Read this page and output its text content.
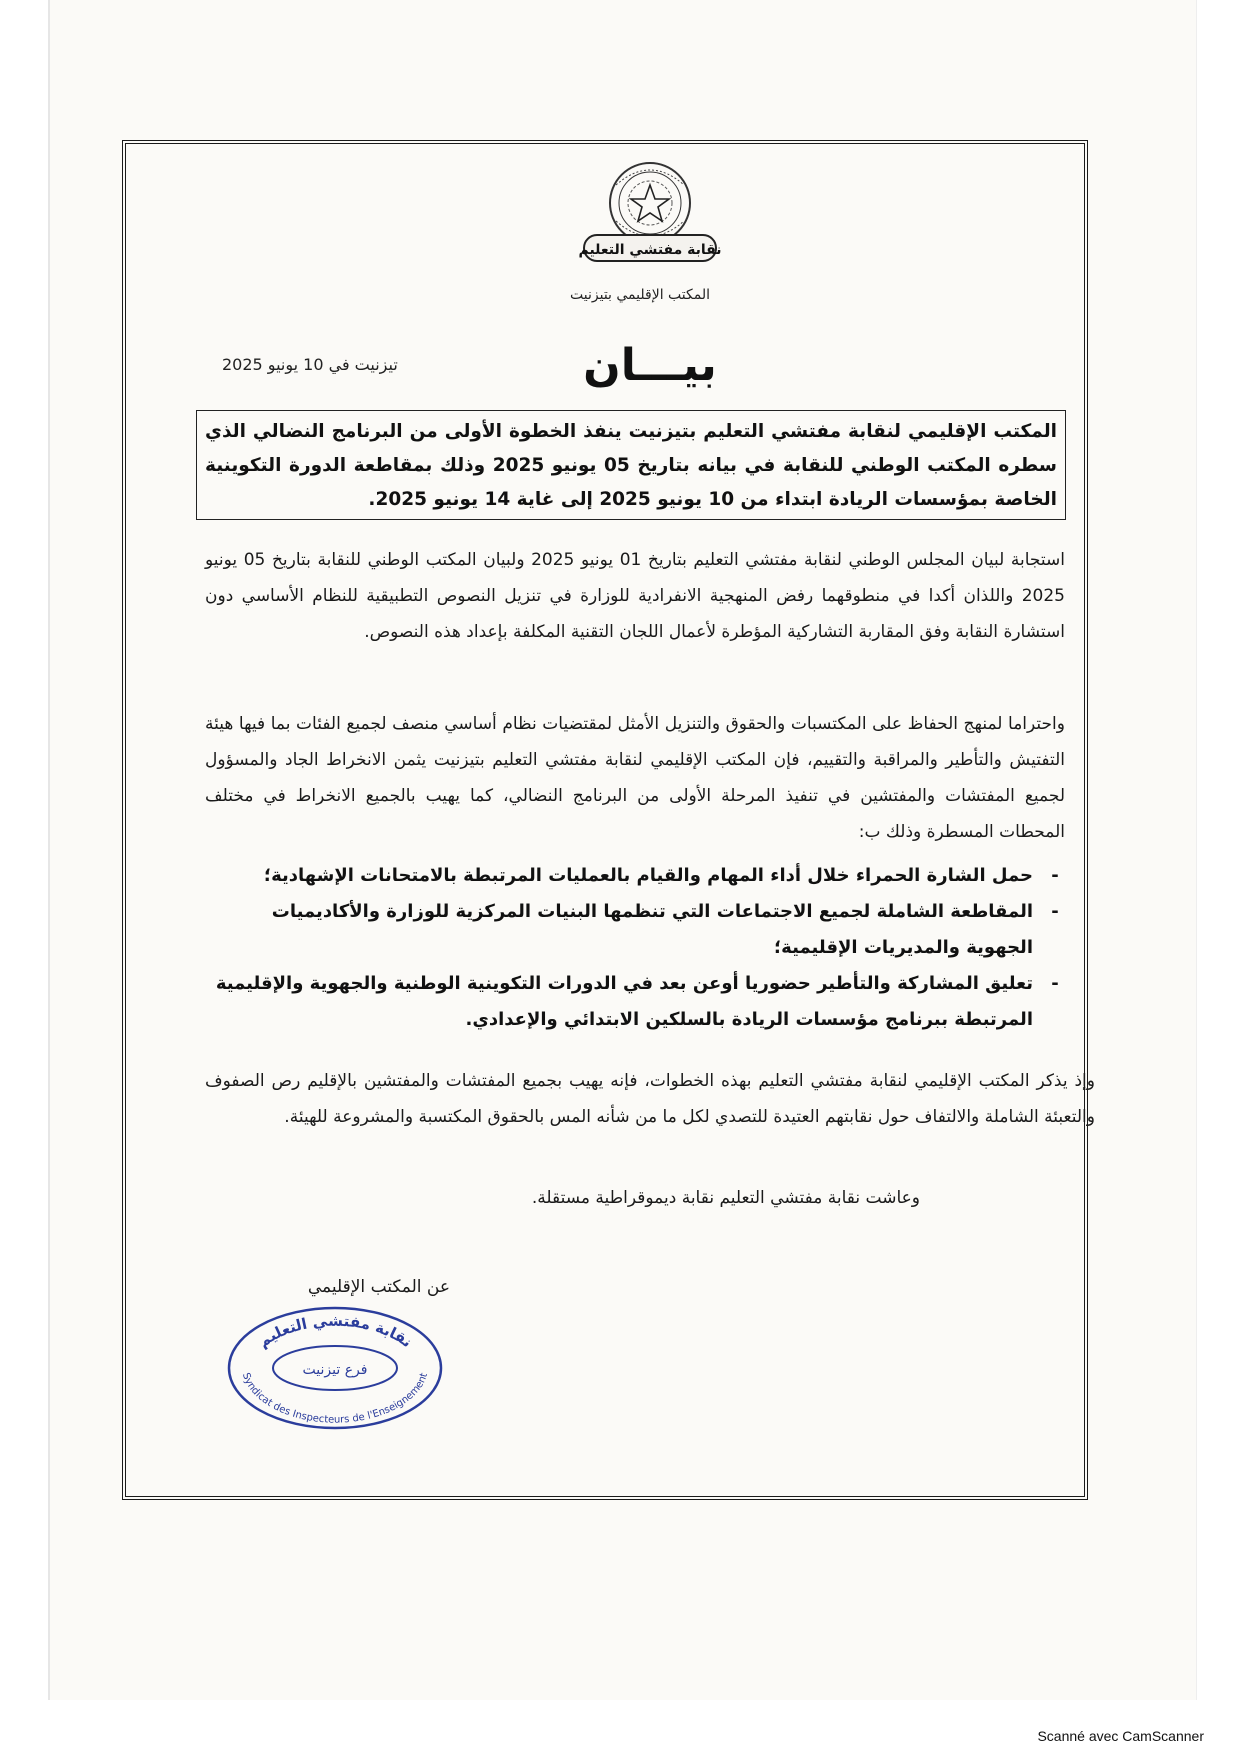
نقابة مفتشي التعليم
المكتب الإقليمي بتيزنيت
بيـــان
تيزنيت في 10 يونيو 2025
المكتب الإقليمي لنقابة مفتشي التعليم بتيزنيت ينفذ الخطوة الأولى من البرنامج النضالي الذي سطره المكتب الوطني للنقابة في بيانه بتاريخ 05 يونيو 2025 وذلك بمقاطعة الدورة التكوينية الخاصة بمؤسسات الريادة ابتداء من 10 يونيو 2025 إلى غاية 14 يونيو 2025.
استجابة لبيان المجلس الوطني لنقابة مفتشي التعليم بتاريخ 01 يونيو 2025 ولبيان المكتب الوطني للنقابة بتاريخ 05 يونيو 2025 واللذان أكدا في منطوقهما رفض المنهجية الانفرادية للوزارة في تنزيل النصوص التطبيقية للنظام الأساسي دون استشارة النقابة وفق المقاربة التشاركية المؤطرة لأعمال اللجان التقنية المكلفة بإعداد هذه النصوص.
واحتراما لمنهج الحفاظ على المكتسبات والحقوق والتنزيل الأمثل لمقتضيات نظام أساسي منصف لجميع الفئات بما فيها هيئة التفتيش والتأطير والمراقبة والتقييم، فإن المكتب الإقليمي لنقابة مفتشي التعليم بتيزنيت يثمن الانخراط الجاد والمسؤول لجميع المفتشات والمفتشين في تنفيذ المرحلة الأولى من البرنامج النضالي، كما يهيب بالجميع الانخراط في مختلف المحطات المسطرة وذلك ب:
-
حمل الشارة الحمراء خلال أداء المهام والقيام بالعمليات المرتبطة بالامتحانات الإشهادية؛
-
المقاطعة الشاملة لجميع الاجتماعات التي تنظمها البنيات المركزية للوزارة والأكاديميات الجهوية والمديريات الإقليمية؛
-
تعليق المشاركة والتأطير حضوريا أوعن بعد في الدورات التكوينية الوطنية والجهوية والإقليمية المرتبطة ببرنامج مؤسسات الريادة بالسلكين الابتدائي والإعدادي.
وإذ يذكر المكتب الإقليمي لنقابة مفتشي التعليم بهذه الخطوات، فإنه يهيب بجميع المفتشات والمفتشين بالإقليم رص الصفوف والتعبئة الشاملة والالتفاف حول نقابتهم العتيدة للتصدي لكل ما من شأنه المس بالحقوق المكتسبة والمشروعة للهيئة.
وعاشت نقابة مفتشي التعليم نقابة ديموقراطية مستقلة.
عن المكتب الإقليمي
نقابة مفتشي التعليم
فرع تيزنيت
Syndicat des Inspecteurs de l'Enseignement
Scanné avec CamScanner
